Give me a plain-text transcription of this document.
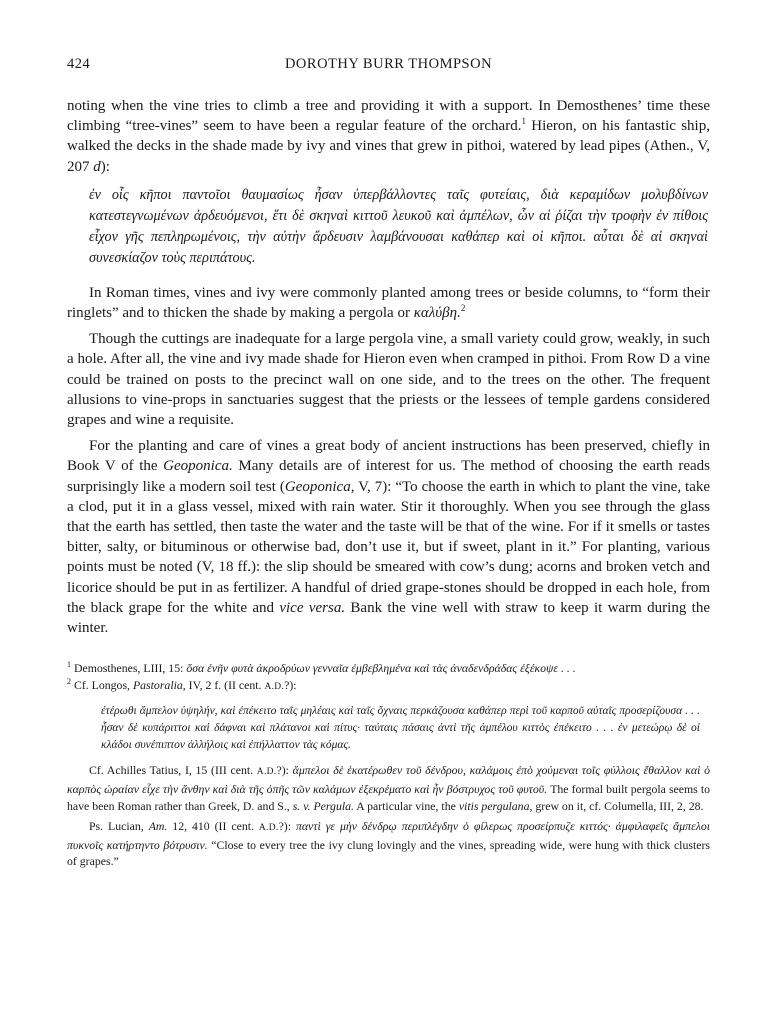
424	DOROTHY BURR THOMPSON

noting when the vine tries to climb a tree and providing it with a support. In Demosthenes’ time these climbing “tree-vines” seem to have been a regular feature of the orchard.$^1$ Hieron, on his fantastic ship, walked the decks in the shade made by ivy and vines that grew in pithoi, watered by lead pipes (Athen., V, 207 d):

ἐν οἷς κῆποι παντοῖοι θαυμασίως ἦσαν ὑπερβάλλοντες ταῖς φυτείαις, διὰ κεραμίδων μολυβδίνων κατεστεγνωμένων ἀρδευόμενοι, ἔτι δὲ σκηναὶ κιττοῦ λευκοῦ καὶ ἀμπέλων, ὧν αἱ ῥίζαι τὴν τροφὴν ἐν πίθοις εἶχον γῆς πεπληρωμένοις, τὴν αὐτὴν ἄρδευσιν λαμβάνουσαι καθάπερ καὶ οἱ κῆποι. αὗται δὲ αἱ σκηναὶ συνεσκίαζον τοὺς περιπάτους.

In Roman times, vines and ivy were commonly planted among trees or beside columns, to “form their ringlets” and to thicken the shade by making a pergola or καλύβη.$^2$

Though the cuttings are inadequate for a large pergola vine, a small variety could grow, weakly, in such a hole. After all, the vine and ivy made shade for Hieron even when cramped in pithoi. From Row D a vine could be trained on posts to the precinct wall on one side, and to the trees on the other. The frequent allusions to vine-props in sanctuaries suggest that the priests or the lessees of temple gardens considered grapes and wine a requisite.

For the planting and care of vines a great body of ancient instructions has been preserved, chiefly in Book V of the Geoponica. Many details are of interest for us. The method of choosing the earth reads surprisingly like a modern soil test (Geoponica, V, 7): “To choose the earth in which to plant the vine, take a clod, put it in a glass vessel, mixed with rain water. Stir it thoroughly. When you see through the glass that the earth has settled, then taste the water and the taste will be that of the wine. For if it smells or tastes bitter, salty, or bituminous or otherwise bad, don’t use it, but if sweet, plant in it.” For planting, various points must be noted (V, 18 ff.): the slip should be smeared with cow’s dung; acorns and broken vetch and licorice should be put in as fertilizer. A handful of dried grape-stones should be dropped in each hole, from the black grape for the white and vice versa. Bank the vine well with straw to keep it warm during the winter.

$^1$ Demosthenes, LIII, 15: ὅσα ἐνῆν φυτὰ ἀκροδρύων γενναῖα ἐμβεβλημένα καὶ τὰς ἀναδενδράδας ἐξέκοψε . . .

$^2$ Cf. Longos, Pastoralia, IV, 2 f. (II cent. A.D.?):

ἐτέρωθι ἄμπελον ὑψηλήν, καὶ ἐπέκειτο ταῖς μηλέαις καὶ ταῖς ὄχναις περκάζουσα καθάπερ περὶ τοῦ καρποῦ αὐταῖς προσερίζουσα . . . ἦσαν δὲ κυπάριττοι καὶ δάφναι καὶ πλάτανοι καὶ πίτυς· ταύταις πάσαις ἀντὶ τῆς ἀμπέλου κιττὸς ἐπέκειτο . . . ἐν μετεώρῳ δὲ οἱ κλάδοι συνέπιπτον ἀλλήλοις καὶ ἐπήλλαττον τὰς κόμας.

Cf. Achilles Tatius, I, 15 (III cent. A.D.?): ἄμπελοι δὲ ἑκατέρωθεν τοῦ δένδρου, καλάμοις ἐπὸ χούμεναι τοῖς φύλλοις ἔθαλλον καὶ ὁ καρπὸς ὡραίαν εἶχε τὴν ἄνθην καὶ διὰ τῆς ὀπῆς τῶν καλάμων ἐξεκρέματο καὶ ἦν βόστρυχος τοῦ φυτοῦ. The formal built pergola seems to have been Roman rather than Greek, D. and S., s. v. Pergula. A particular vine, the vitis pergulana, grew on it, cf. Columella, III, 2, 28.

Ps. Lucian, Am. 12, 410 (II cent. A.D.?): παντὶ γε μὴν δένδρῳ περιπλέγδην ὁ φίλερως προσείρπυζε κιττός· ἀμφιλαφεῖς ἄμπελοι πυκνοῖς κατήρτηντο βότρυσιν. “Close to every tree the ivy clung lovingly and the vines, spreading wide, were hung with thick clusters of grapes.”
